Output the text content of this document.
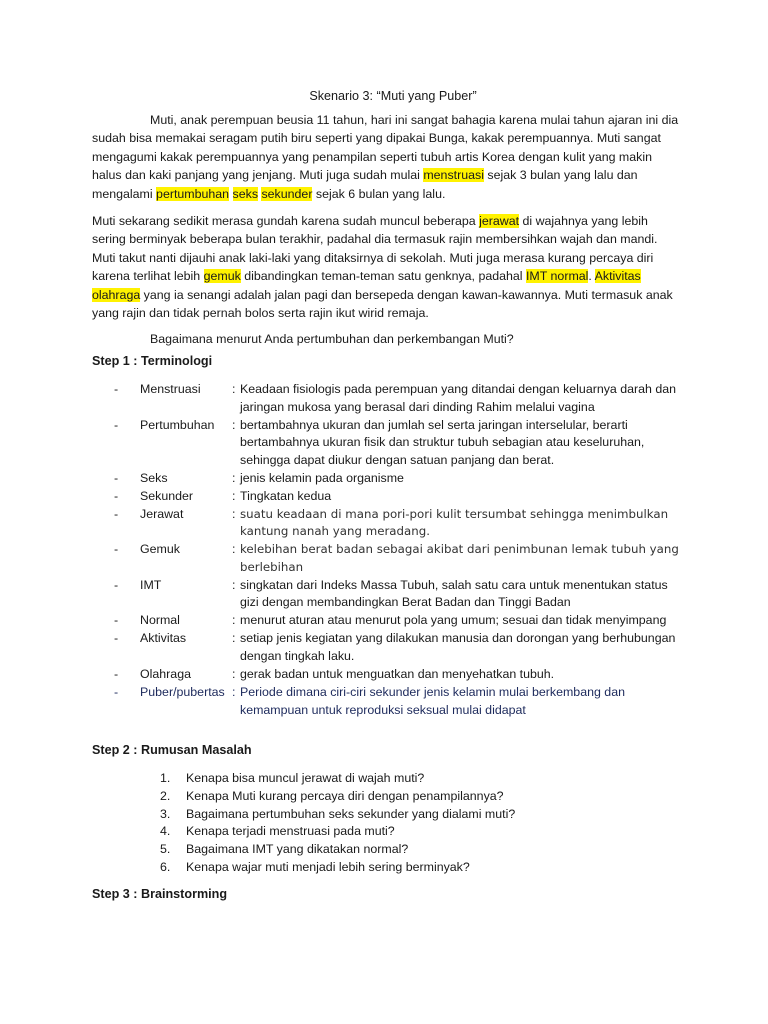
Skenario 3: “Muti yang Puber”

Muti, anak perempuan beusia 11 tahun, hari ini sangat bahagia karena mulai tahun ajaran ini dia sudah bisa memakai seragam putih biru seperti yang dipakai Bunga, kakak perempuannya. Muti sangat mengagumi kakak perempuannya yang penampilan seperti tubuh artis Korea dengan kulit yang makin halus dan kaki panjang yang jenjang. Muti juga sudah mulai menstruasi sejak 3 bulan yang lalu dan mengalami pertumbuhan seks sekunder sejak 6 bulan yang lalu.

Muti sekarang sedikit merasa gundah karena sudah muncul beberapa jerawat di wajahnya yang lebih sering berminyak beberapa bulan terakhir, padahal dia termasuk rajin membersihkan wajah dan mandi. Muti takut nanti dijauhi anak laki-laki yang ditaksirnya di sekolah. Muti juga merasa kurang percaya diri karena terlihat lebih gemuk dibandingkan teman-teman satu genknya, padahal IMT normal. Aktivitas olahraga yang ia senangi adalah jalan pagi dan bersepeda dengan kawan-kawannya. Muti termasuk anak yang rajin dan tidak pernah bolos serta rajin ikut wirid remaja.

Bagaimana menurut Anda pertumbuhan dan perkembangan Muti?

Step 1 : Terminologi
-	Menstruasi	: Keadaan fisiologis pada perempuan yang ditandai dengan keluarnya darah dan jaringan mukosa yang berasal dari dinding Rahim melalui vagina
-	Pertumbuhan	: bertambahnya ukuran dan jumlah sel serta jaringan interselular, berarti bertambahnya ukuran fisik dan struktur tubuh sebagian atau keseluruhan, sehingga dapat diukur dengan satuan panjang dan berat.
-	Seks	: jenis kelamin pada organisme
-	Sekunder	: Tingkatan kedua
-	Jerawat	: suatu keadaan di mana pori-pori kulit tersumbat sehingga menimbulkan kantung nanah yang meradang.
-	Gemuk	: kelebihan berat badan sebagai akibat dari penimbunan lemak tubuh yang berlebihan
-	IMT	: singkatan dari Indeks Massa Tubuh, salah satu cara untuk menentukan status gizi dengan membandingkan Berat Badan dan Tinggi Badan
-	Normal	: menurut aturan atau menurut pola yang umum; sesuai dan tidak menyimpang
-	Aktivitas	: setiap jenis kegiatan yang dilakukan manusia dan dorongan yang berhubungan dengan tingkah laku.
-	Olahraga	: gerak badan untuk menguatkan dan menyehatkan tubuh.
-	Puber/pubertas : Periode dimana ciri-ciri sekunder jenis kelamin mulai berkembang dan kemampuan untuk reproduksi seksual mulai didapat
Step 2 : Rumusan Masalah
1.	Kenapa bisa muncul jerawat di wajah muti?
2.	Kenapa Muti kurang percaya diri dengan penampilannya?
3.	Bagaimana pertumbuhan seks sekunder yang dialami muti?
4.	Kenapa terjadi menstruasi pada muti?
5.	Bagaimana IMT yang dikatakan normal?
6.	Kenapa wajar muti menjadi lebih sering berminyak?
Step 3 : Brainstorming
